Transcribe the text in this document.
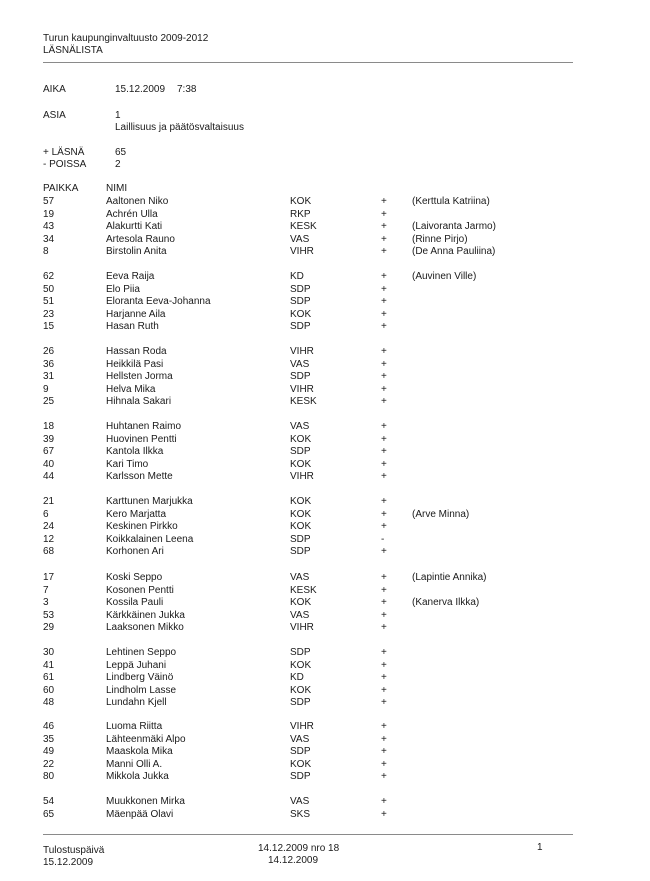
Turun kaupunginvaltuusto 2009-2012
LÄSNÄLISTA
AIKA	15.12.2009 7:38
ASIA	1
Laillisuus ja päätösvaltaisuus
+ LÄSNÄ	65
- POISSA	2
PAIKKA	NIMI
57	Aaltonen Niko	KOK	+	(Kerttula Katriina)
19	Achrén Ulla	RKP	+
43	Alakurtti Kati	KESK	+	(Laivoranta Jarmo)
34	Artesola Rauno	VAS	+	(Rinne Pirjo)
8	Birstolin Anita	VIHR	+	(De Anna Pauliina)
62	Eeva Raija	KD	+	(Auvinen Ville)
50	Elo Piia	SDP	+
51	Eloranta Eeva-Johanna	SDP	+
23	Harjanne Aila	KOK	+
15	Hasan Ruth	SDP	+
26	Hassan Roda	VIHR	+
36	Heikkilä Pasi	VAS	+
31	Hellsten Jorma	SDP	+
9	Helva Mika	VIHR	+
25	Hihnala Sakari	KESK	+
18	Huhtanen Raimo	VAS	+
39	Huovinen Pentti	KOK	+
67	Kantola Ilkka	SDP	+
40	Kari Timo	KOK	+
44	Karlsson Mette	VIHR	+
21	Karttunen Marjukka	KOK	+
6	Kero Marjatta	KOK	+	(Arve Minna)
24	Keskinen Pirkko	KOK	+
12	Koikkalainen Leena	SDP	-
68	Korhonen Ari	SDP	+
17	Koski Seppo	VAS	+	(Lapintie Annika)
7	Kosonen Pentti	KESK	+
3	Kossila Pauli	KOK	+	(Kanerva Ilkka)
53	Kärkkäinen Jukka	VAS	+
29	Laaksonen Mikko	VIHR	+
30	Lehtinen Seppo	SDP	+
41	Leppä Juhani	KOK	+
61	Lindberg Väinö	KD	+
60	Lindholm Lasse	KOK	+
48	Lundahn Kjell	SDP	+
46	Luoma Riitta	VIHR	+
35	Lähteenmäki Alpo	VAS	+
49	Maaskola Mika	SDP	+
22	Manni Olli A.	KOK	+
80	Mikkola Jukka	SDP	+
54	Muukkonen Mirka	VAS	+
65	Mäenpää Olavi	SKS	+
Tulostuspäivä
15.12.2009
14.12.2009 nro 18
14.12.2009
1
